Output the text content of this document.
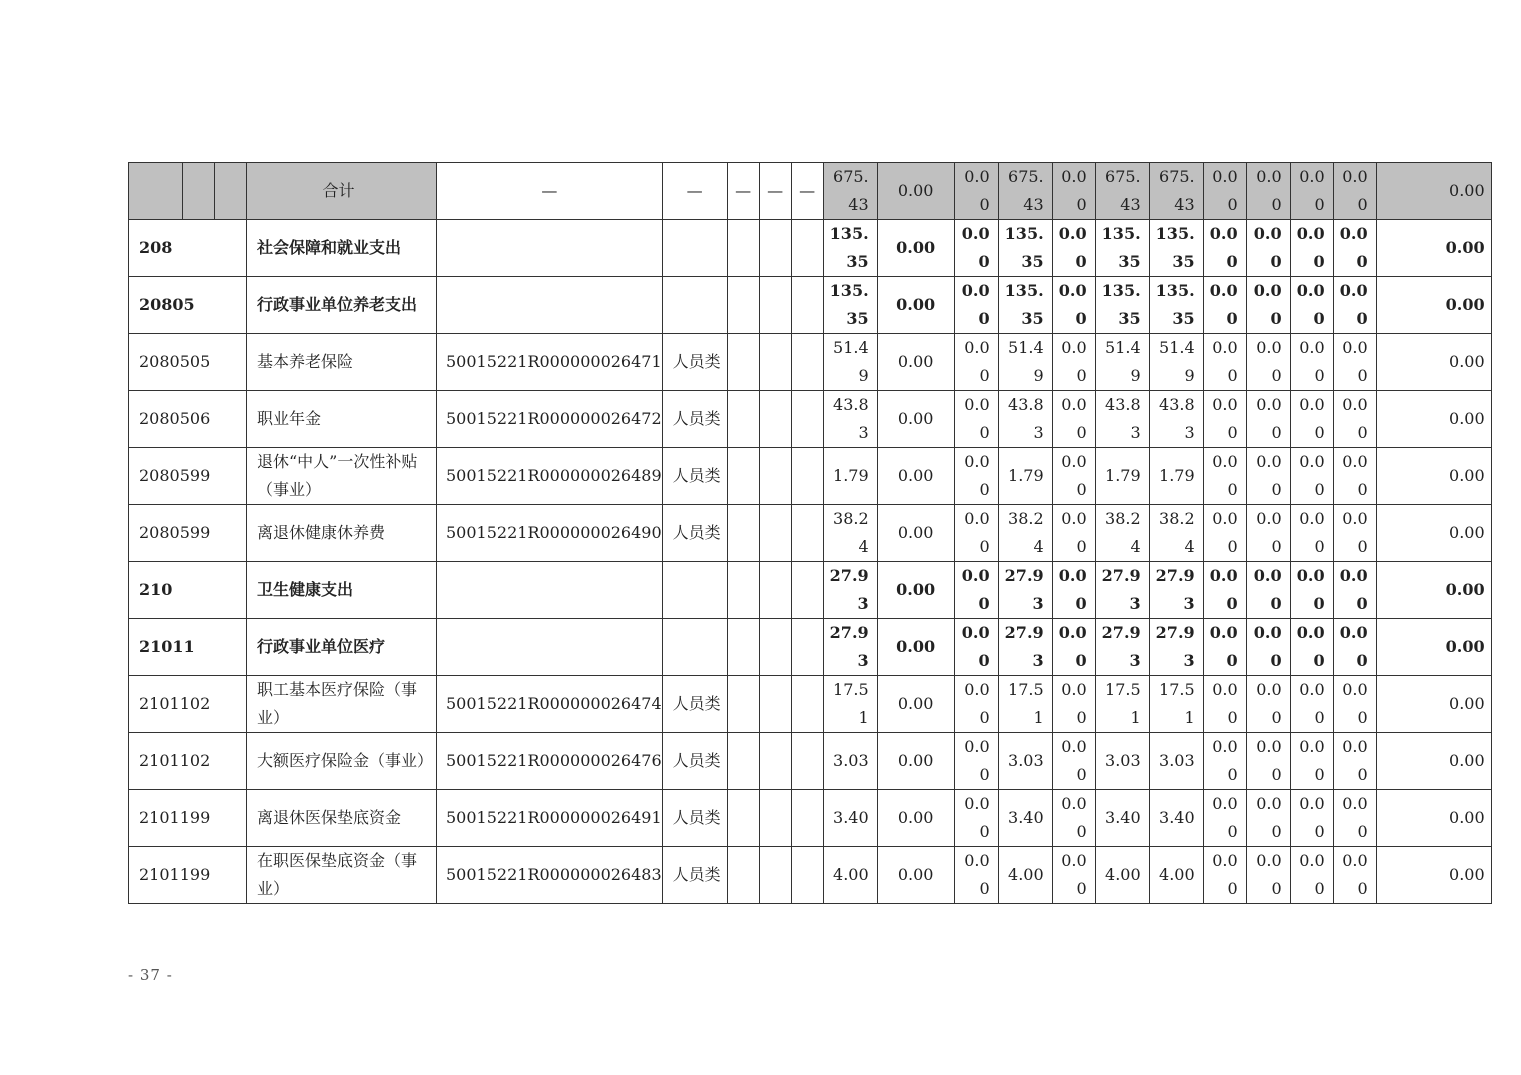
			合计	—	—	—	—	—	675.43	0.00	0.00	675.43	0.00	675.43	675.43	0.00	0.00	0.00	0.00	0.00
208			社会保障和就业支出						135.35	0.00	0.00	135.35	0.00	135.35	135.35	0.00	0.00	0.00	0.00	0.00
20805			行政事业单位养老支出						135.35	0.00	0.00	135.35	0.00	135.35	135.35	0.00	0.00	0.00	0.00	0.00
2080505			基本养老保险	50015221R000000026471	人员类				51.49	0.00	0.00	51.49	0.00	51.49	51.49	0.00	0.00	0.00	0.00	0.00
2080506			职业年金	50015221R000000026472	人员类				43.83	0.00	0.00	43.83	0.00	43.83	43.83	0.00	0.00	0.00	0.00	0.00
2080599			退休“中人”一次性补贴（事业）	50015221R000000026489	人员类				1.79	0.00	0.00	1.79	0.00	1.79	1.79	0.00	0.00	0.00	0.00	0.00
2080599			离退休健康休养费	50015221R000000026490	人员类				38.24	0.00	0.00	38.24	0.00	38.24	38.24	0.00	0.00	0.00	0.00	0.00
210			卫生健康支出						27.93	0.00	0.00	27.93	0.00	27.93	27.93	0.00	0.00	0.00	0.00	0.00
21011			行政事业单位医疗						27.93	0.00	0.00	27.93	0.00	27.93	27.93	0.00	0.00	0.00	0.00	0.00
2101102			职工基本医疗保险（事业）	50015221R000000026474	人员类				17.51	0.00	0.00	17.51	0.00	17.51	17.51	0.00	0.00	0.00	0.00	0.00
2101102			大额医疗保险金（事业）	50015221R000000026476	人员类				3.03	0.00	0.00	3.03	0.00	3.03	3.03	0.00	0.00	0.00	0.00	0.00
2101199			离退休医保垫底资金	50015221R000000026491	人员类				3.40	0.00	0.00	3.40	0.00	3.40	3.40	0.00	0.00	0.00	0.00	0.00
2101199			在职医保垫底资金（事业）	50015221R000000026483	人员类				4.00	0.00	0.00	4.00	0.00	4.00	4.00	0.00	0.00	0.00	0.00	0.00
- 37 -
